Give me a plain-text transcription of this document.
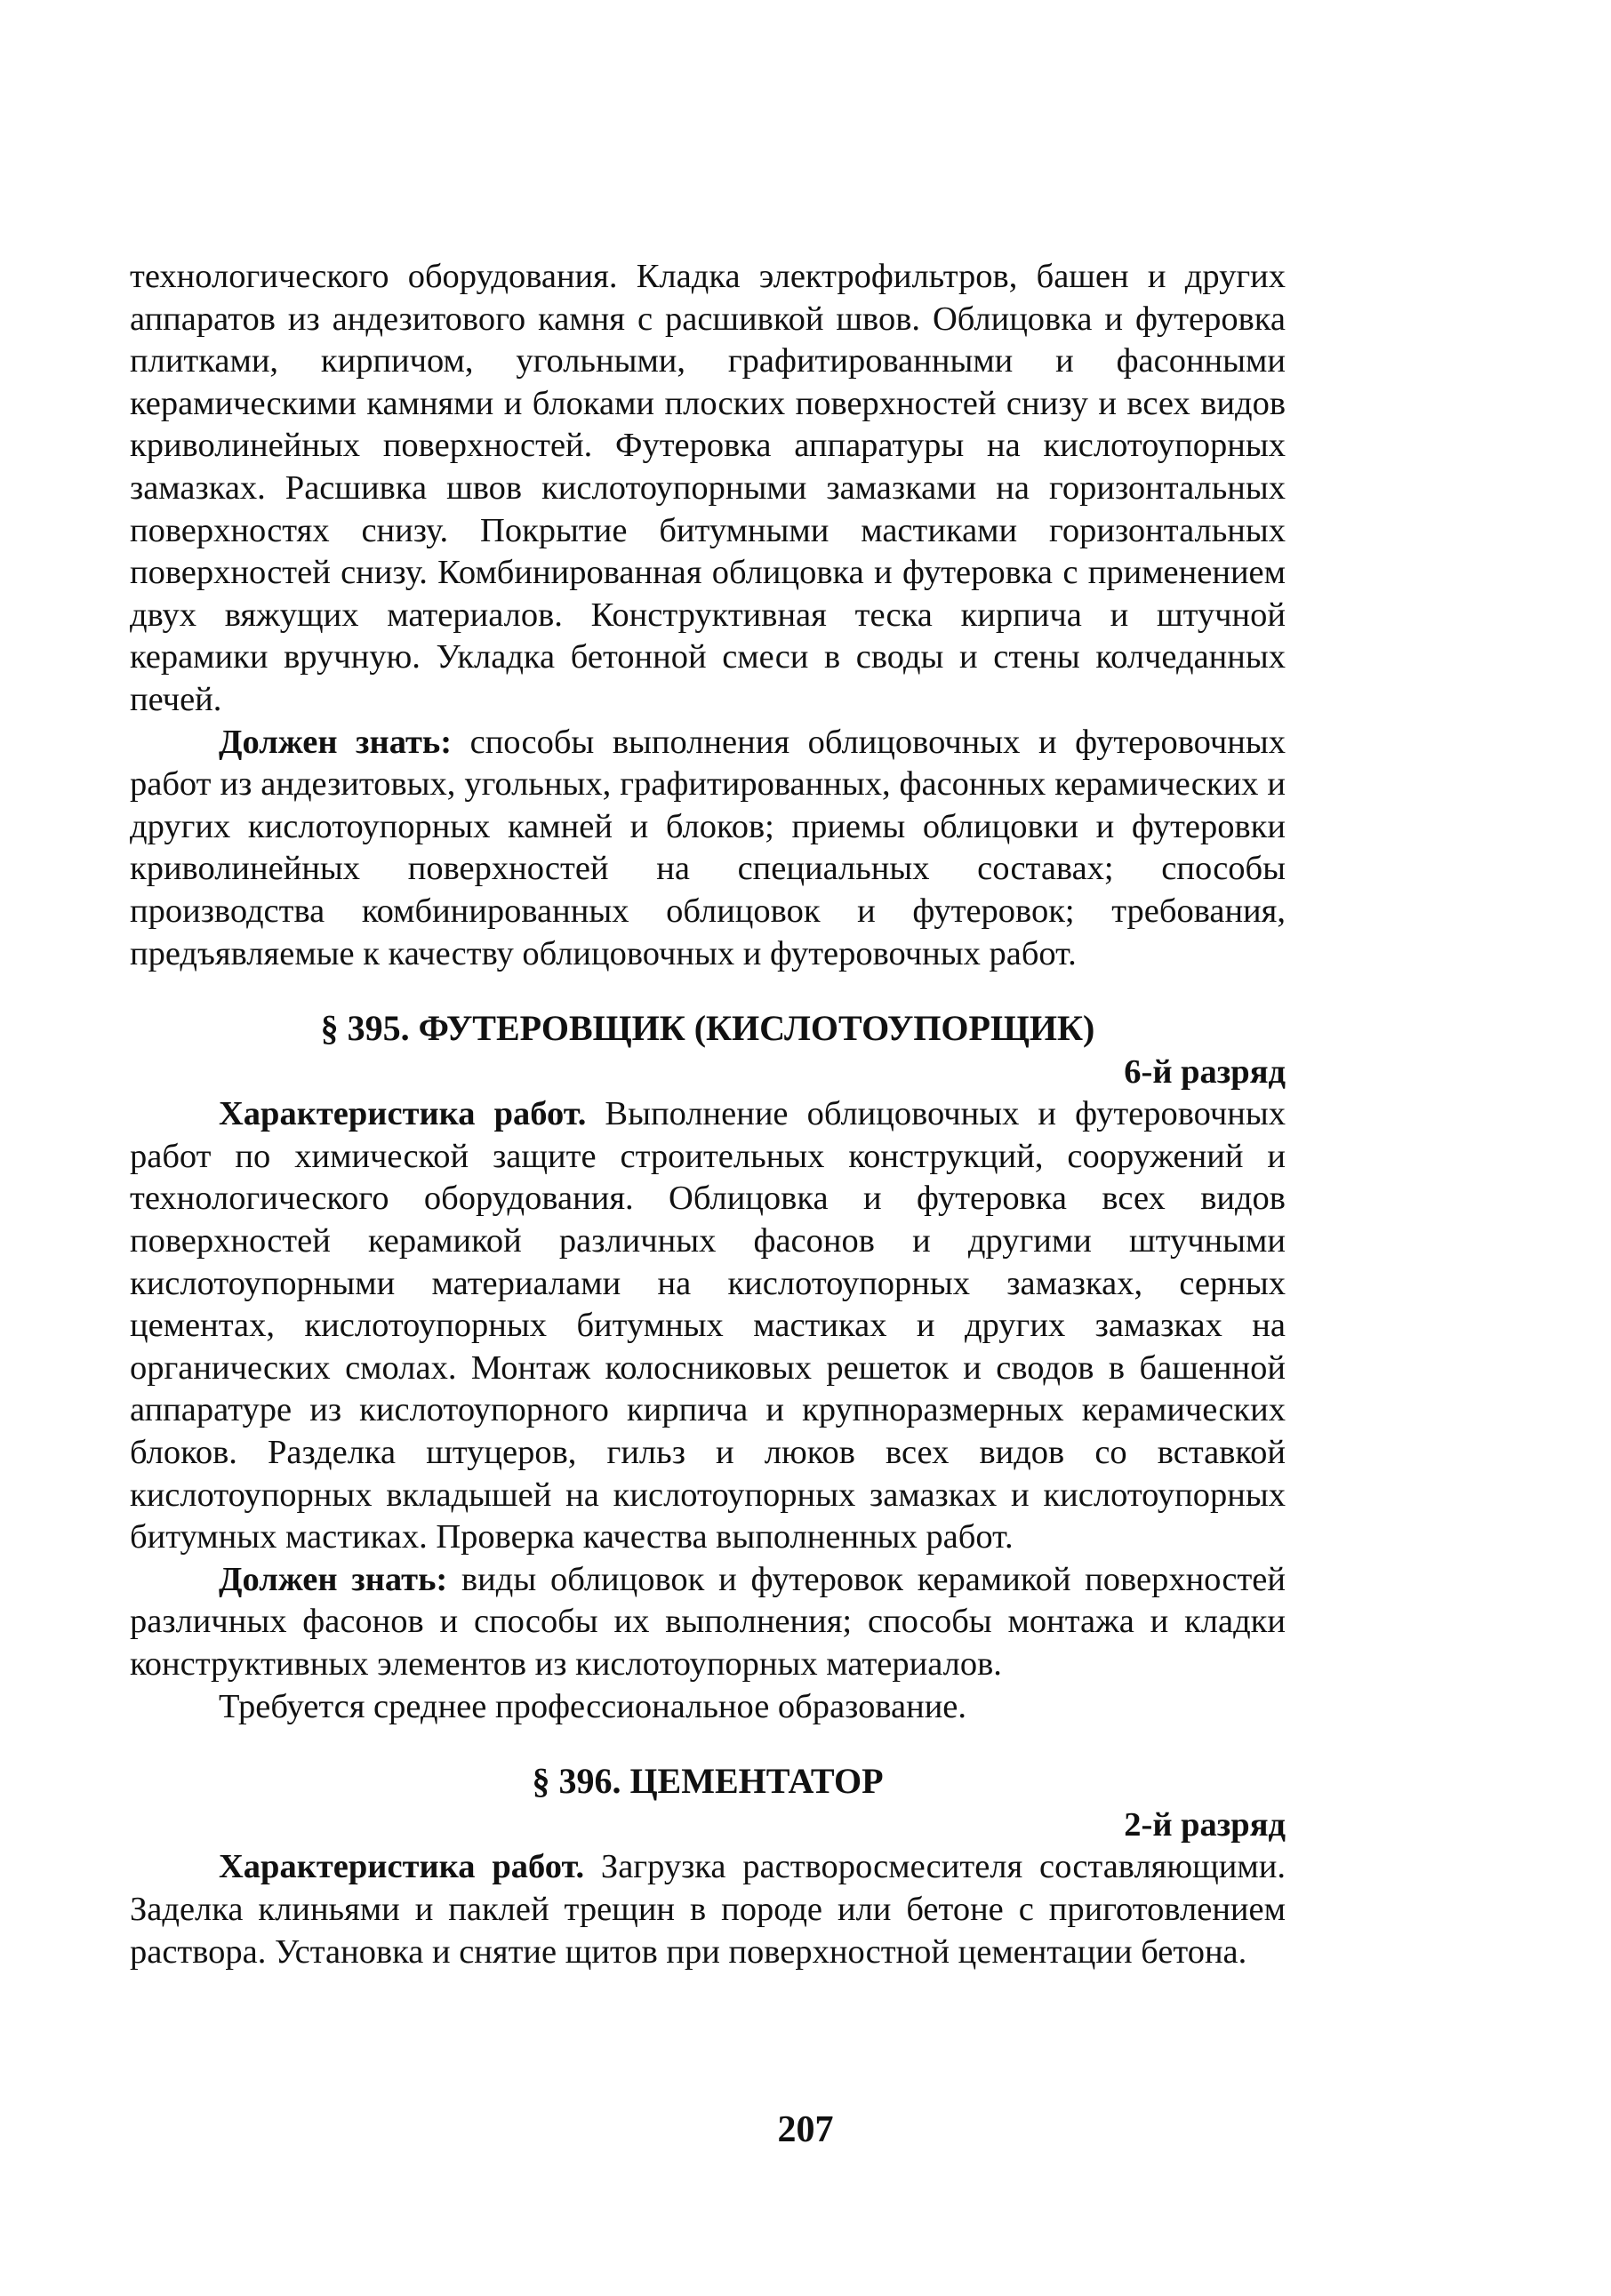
технологического оборудования. Кладка электрофильтров, башен и других аппаратов из андезитового камня с расшивкой швов. Облицовка и футеровка плитками, кирпичом, угольными, графитированными и фасонными керамическими камнями и блоками плоских поверхностей снизу и всех видов криволинейных поверхностей. Футеровка аппаратуры на кислотоупорных замазках. Расшивка швов кислотоупорными замазками на горизонтальных поверхностях снизу. Покрытие битумными мастиками горизонтальных поверхностей снизу. Комбинированная облицовка и футеровка с применением двух вяжущих материалов. Конструктивная теска кирпича и штучной керамики вручную. Укладка бетонной смеси в своды и стены колчеданных печей.

Должен знать: способы выполнения облицовочных и футеровочных работ из андезитовых, угольных, графитированных, фасонных керамических и других кислотоупорных камней и блоков; приемы облицовки и футеровки криволинейных поверхностей на специальных составах; способы производства комбинированных облицовок и футеровок; требования, предъявляемые к качеству облицовочных и футеровочных работ.

§ 395. ФУТЕРОВЩИК (КИСЛОТОУПОРЩИК)

6-й разряд

Характеристика работ. Выполнение облицовочных и футеровочных работ по химической защите строительных конструкций, сооружений и технологического оборудования. Облицовка и футеровка всех видов поверхностей керамикой различных фасонов и другими штучными кислотоупорными материалами на кислотоупорных замазках, серных цементах, кислотоупорных битумных мастиках и других замазках на органических смолах. Монтаж колосниковых решеток и сводов в башенной аппаратуре из кислотоупорного кирпича и крупноразмерных керамических блоков. Разделка штуцеров, гильз и люков всех видов со вставкой кислотоупорных вкладышей на кислотоупорных замазках и кислотоупорных битумных мастиках. Проверка качества выполненных работ.

Должен знать: виды облицовок и футеровок керамикой поверхностей различных фасонов и способы их выполнения; способы монтажа и кладки конструктивных элементов из кислотоупорных материалов.

Требуется среднее профессиональное образование.

§ 396. ЦЕМЕНТАТОР

2-й разряд

Характеристика работ. Загрузка растворосмесителя составляющими. Заделка клиньями и паклей трещин в породе или бетоне с приготовлением раствора. Установка и снятие щитов при поверхностной цементации бетона.

207
